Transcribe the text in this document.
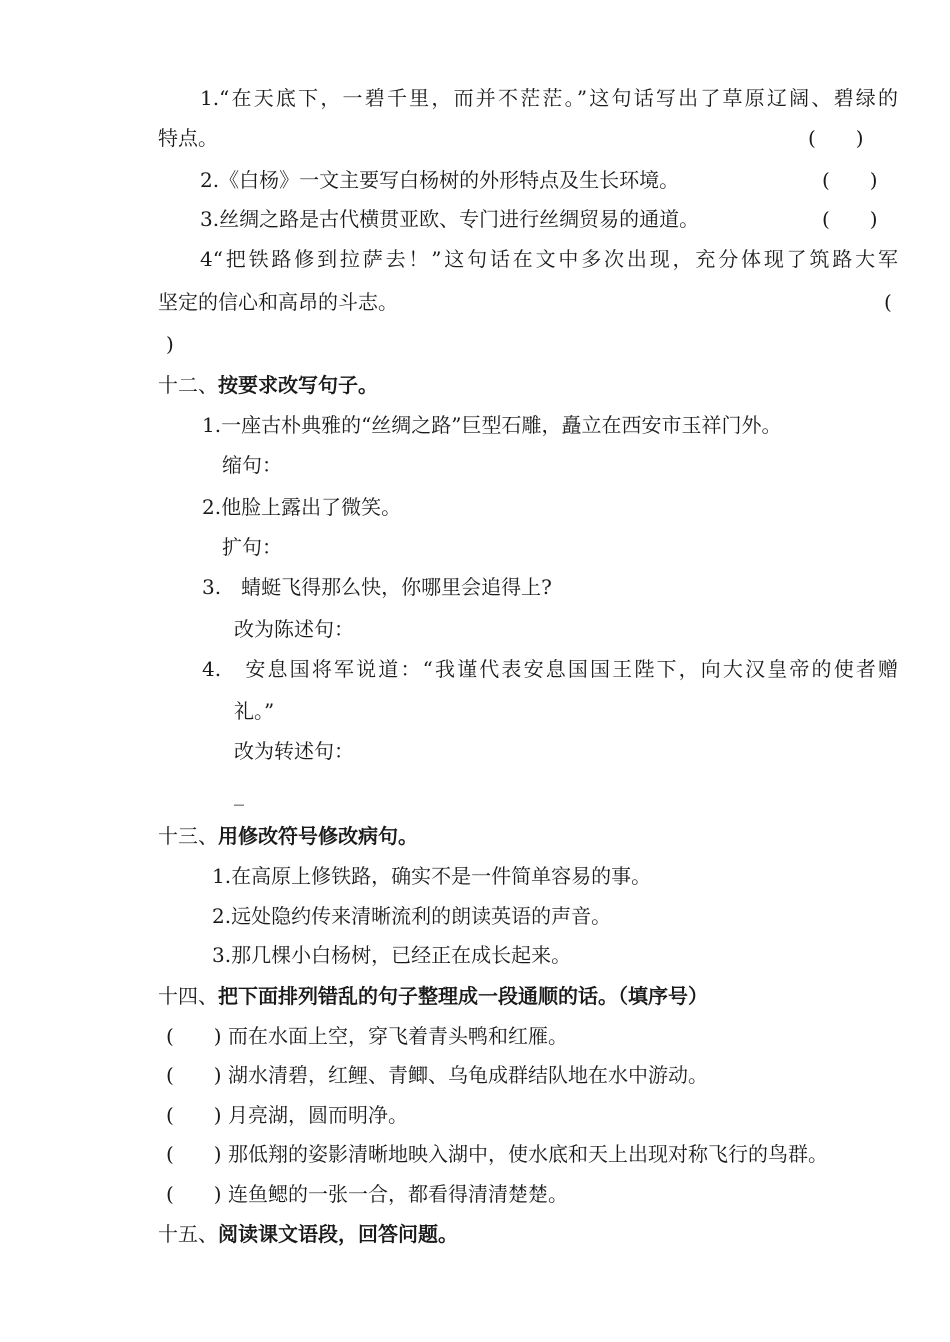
1.“在天底下，一碧千里，而并不茫茫。”这句话写出了草原辽阔、碧绿的
特点。	(　　)
2.《白杨》一文主要写白杨树的外形特点及生长环境。	(　　)
3.丝绸之路是古代横贯亚欧、专门进行丝绸贸易的通道。	(　　)
4“把铁路修到拉萨去！”这句话在文中多次出现，充分体现了筑路大军
坚定的信心和高昂的斗志。	(
)
十二、按要求改写句子。
1.一座古朴典雅的“丝绸之路”巨型石雕，矗立在西安市玉祥门外。
缩句：
2.他脸上露出了微笑。
扩句：
3.　蜻蜓飞得那么快，你哪里会追得上?
改为陈述句：
4.　安息国将军说道：“我谨代表安息国国王陛下，向大汉皇帝的使者赠
礼。”
改为转述句：
_
十三、用修改符号修改病句。
1.在高原上修铁路，确实不是一件简单容易的事。
2.远处隐约传来清晰流利的朗读英语的声音。
3.那几棵小白杨树，已经正在成长起来。
十四、把下面排列错乱的句子整理成一段通顺的话。（填序号）
(　　) 而在水面上空，穿飞着青头鸭和红雁。
(　　) 湖水清碧，红鲤、青鲫、乌龟成群结队地在水中游动。
(　　) 月亮湖，圆而明净。
(　　) 那低翔的姿影清晰地映入湖中，使水底和天上出现对称飞行的鸟群。
(　　) 连鱼鳃的一张一合，都看得清清楚楚。
十五、阅读课文语段，回答问题。
